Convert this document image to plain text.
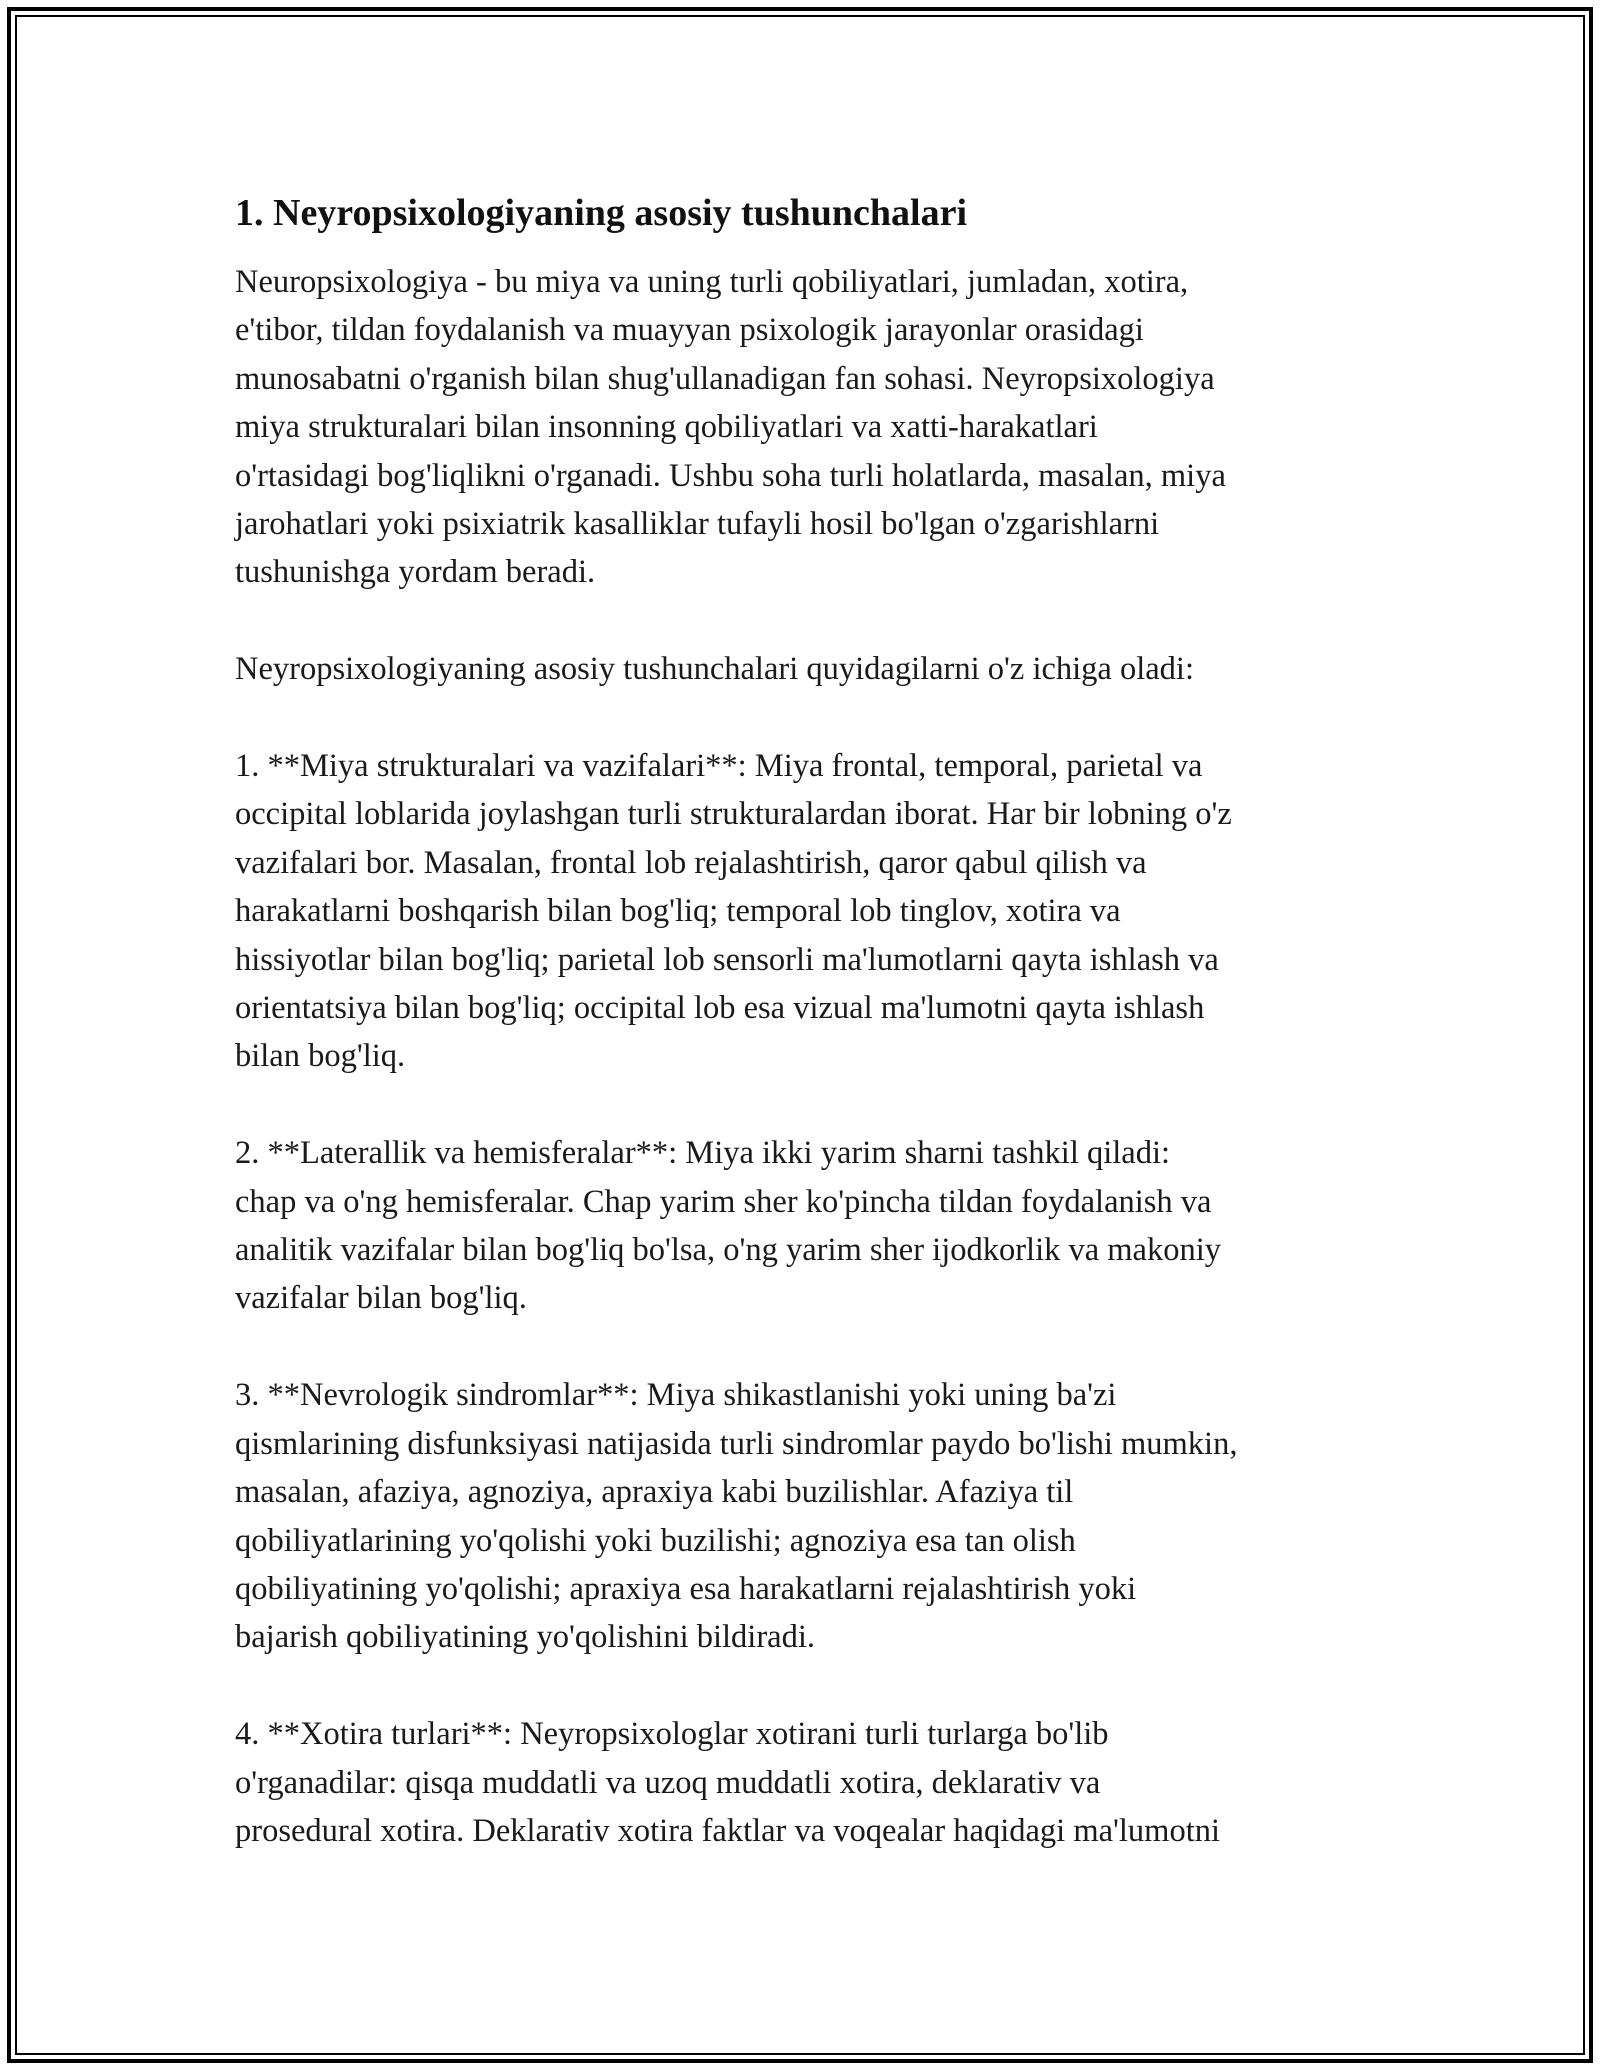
1. Neyropsixologiyaning asosiy tushunchalari
Neuropsixologiya - bu miya va uning turli qobiliyatlari, jumladan, xotira,
e'tibor, tildan foydalanish va muayyan psixologik jarayonlar orasidagi
munosabatni o'rganish bilan shug'ullanadigan fan sohasi. Neyropsixologiya
miya strukturalari bilan insonning qobiliyatlari va xatti-harakatlari
o'rtasidagi bog'liqlikni o'rganadi. Ushbu soha turli holatlarda, masalan, miya
jarohatlari yoki psixiatrik kasalliklar tufayli hosil bo'lgan o'zgarishlarni
tushunishga yordam beradi.
Neyropsixologiyaning asosiy tushunchalari quyidagilarni o'z ichiga oladi:
1. **Miya strukturalari va vazifalari**: Miya frontal, temporal, parietal va
occipital loblarida joylashgan turli strukturalardan iborat. Har bir lobning o'z
vazifalari bor. Masalan, frontal lob rejalashtirish, qaror qabul qilish va
harakatlarni boshqarish bilan bog'liq; temporal lob tinglov, xotira va
hissiyotlar bilan bog'liq; parietal lob sensorli ma'lumotlarni qayta ishlash va
orientatsiya bilan bog'liq; occipital lob esa vizual ma'lumotni qayta ishlash
bilan bog'liq.
2. **Laterallik va hemisferalar**: Miya ikki yarim sharni tashkil qiladi:
chap va o'ng hemisferalar. Chap yarim sher ko'pincha tildan foydalanish va
analitik vazifalar bilan bog'liq bo'lsa, o'ng yarim sher ijodkorlik va makoniy
vazifalar bilan bog'liq.
3. **Nevrologik sindromlar**: Miya shikastlanishi yoki uning ba'zi
qismlarining disfunksiyasi natijasida turli sindromlar paydo bo'lishi mumkin,
masalan, afaziya, agnoziya, apraxiya kabi buzilishlar. Afaziya til
qobiliyatlarining yo'qolishi yoki buzilishi; agnoziya esa tan olish
qobiliyatining yo'qolishi; apraxiya esa harakatlarni rejalashtirish yoki
bajarish qobiliyatining yo'qolishini bildiradi.
4. **Xotira turlari**: Neyropsixologlar xotirani turli turlarga bo'lib
o'rganadilar: qisqa muddatli va uzoq muddatli xotira, deklarativ va
prosedural xotira. Deklarativ xotira faktlar va voqealar haqidagi ma'lumotni
